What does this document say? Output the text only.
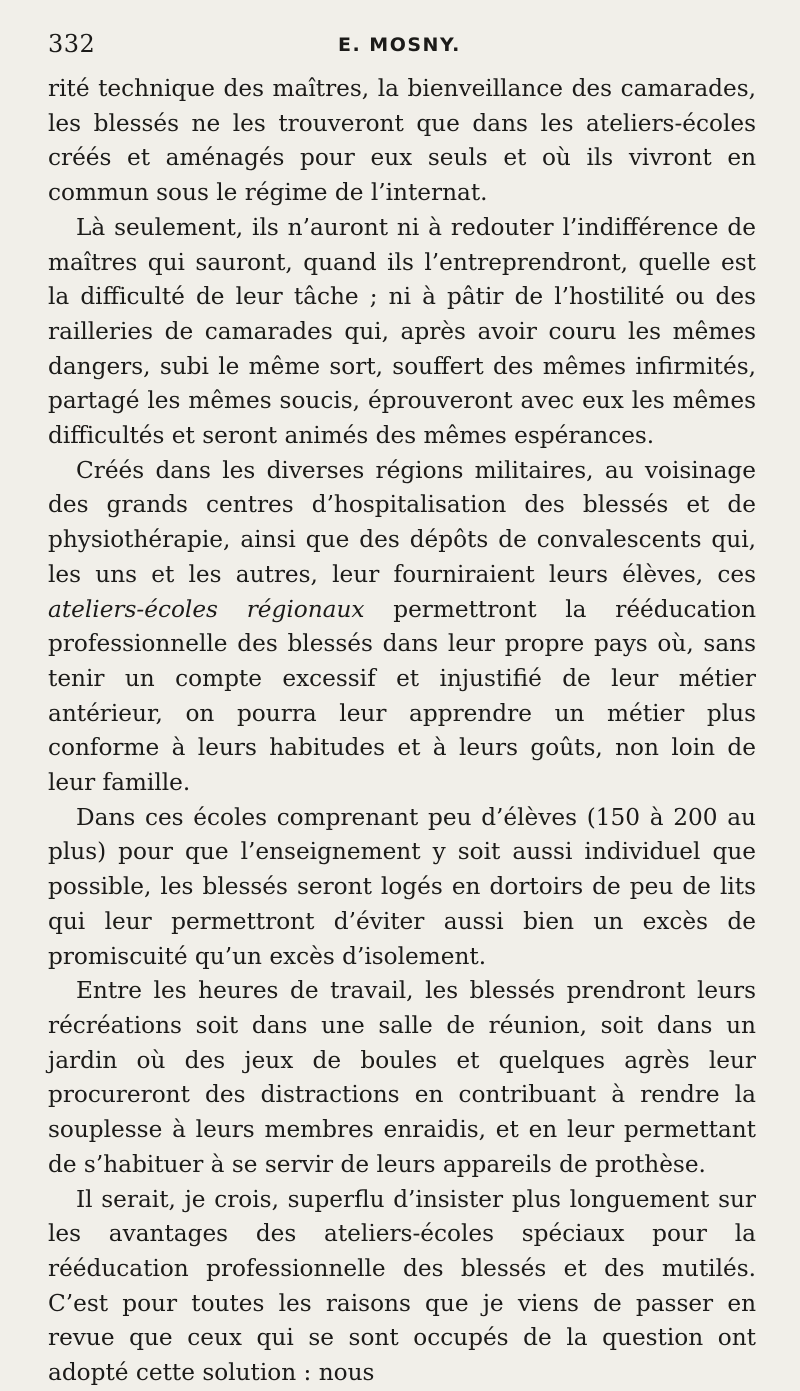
332	E. MOSNY.

rité technique des maîtres, la bienveillance des camarades, les blessés ne les trouveront que dans les ateliers-écoles créés et aménagés pour eux seuls et où ils vivront en commun sous le régime de l’internat.

Là seulement, ils n’auront ni à redouter l’indifférence de maîtres qui sauront, quand ils l’entreprendront, quelle est la difficulté de leur tâche ; ni à pâtir de l’hostilité ou des railleries de camarades qui, après avoir couru les mêmes dangers, subi le même sort, souffert des mêmes infirmités, partagé les mêmes soucis, éprouveront avec eux les mêmes difficultés et seront animés des mêmes espérances.

Créés dans les diverses régions militaires, au voisinage des grands centres d’hospitalisation des blessés et de physiothérapie, ainsi que des dépôts de convalescents qui, les uns et les autres, leur fourniraient leurs élèves, ces ateliers-écoles régionaux permettront la rééducation professionnelle des blessés dans leur propre pays où, sans tenir un compte excessif et injustifié de leur métier antérieur, on pourra leur apprendre un métier plus conforme à leurs habitudes et à leurs goûts, non loin de leur famille.

Dans ces écoles comprenant peu d’élèves (150 à 200 au plus) pour que l’enseignement y soit aussi individuel que possible, les blessés seront logés en dortoirs de peu de lits qui leur permettront d’éviter aussi bien un excès de promiscuité qu’un excès d’isolement.

Entre les heures de travail, les blessés prendront leurs récréations soit dans une salle de réunion, soit dans un jardin où des jeux de boules et quelques agrès leur procureront des distractions en contribuant à rendre la souplesse à leurs membres enraidis, et en leur permettant de s’habituer à se servir de leurs appareils de prothèse.

Il serait, je crois, superflu d’insister plus longuement sur les avantages des ateliers-écoles spéciaux pour la rééducation professionnelle des blessés et des mutilés. C’est pour toutes les raisons que je viens de passer en revue que ceux qui se sont occupés de la question ont adopté cette solution : nous
